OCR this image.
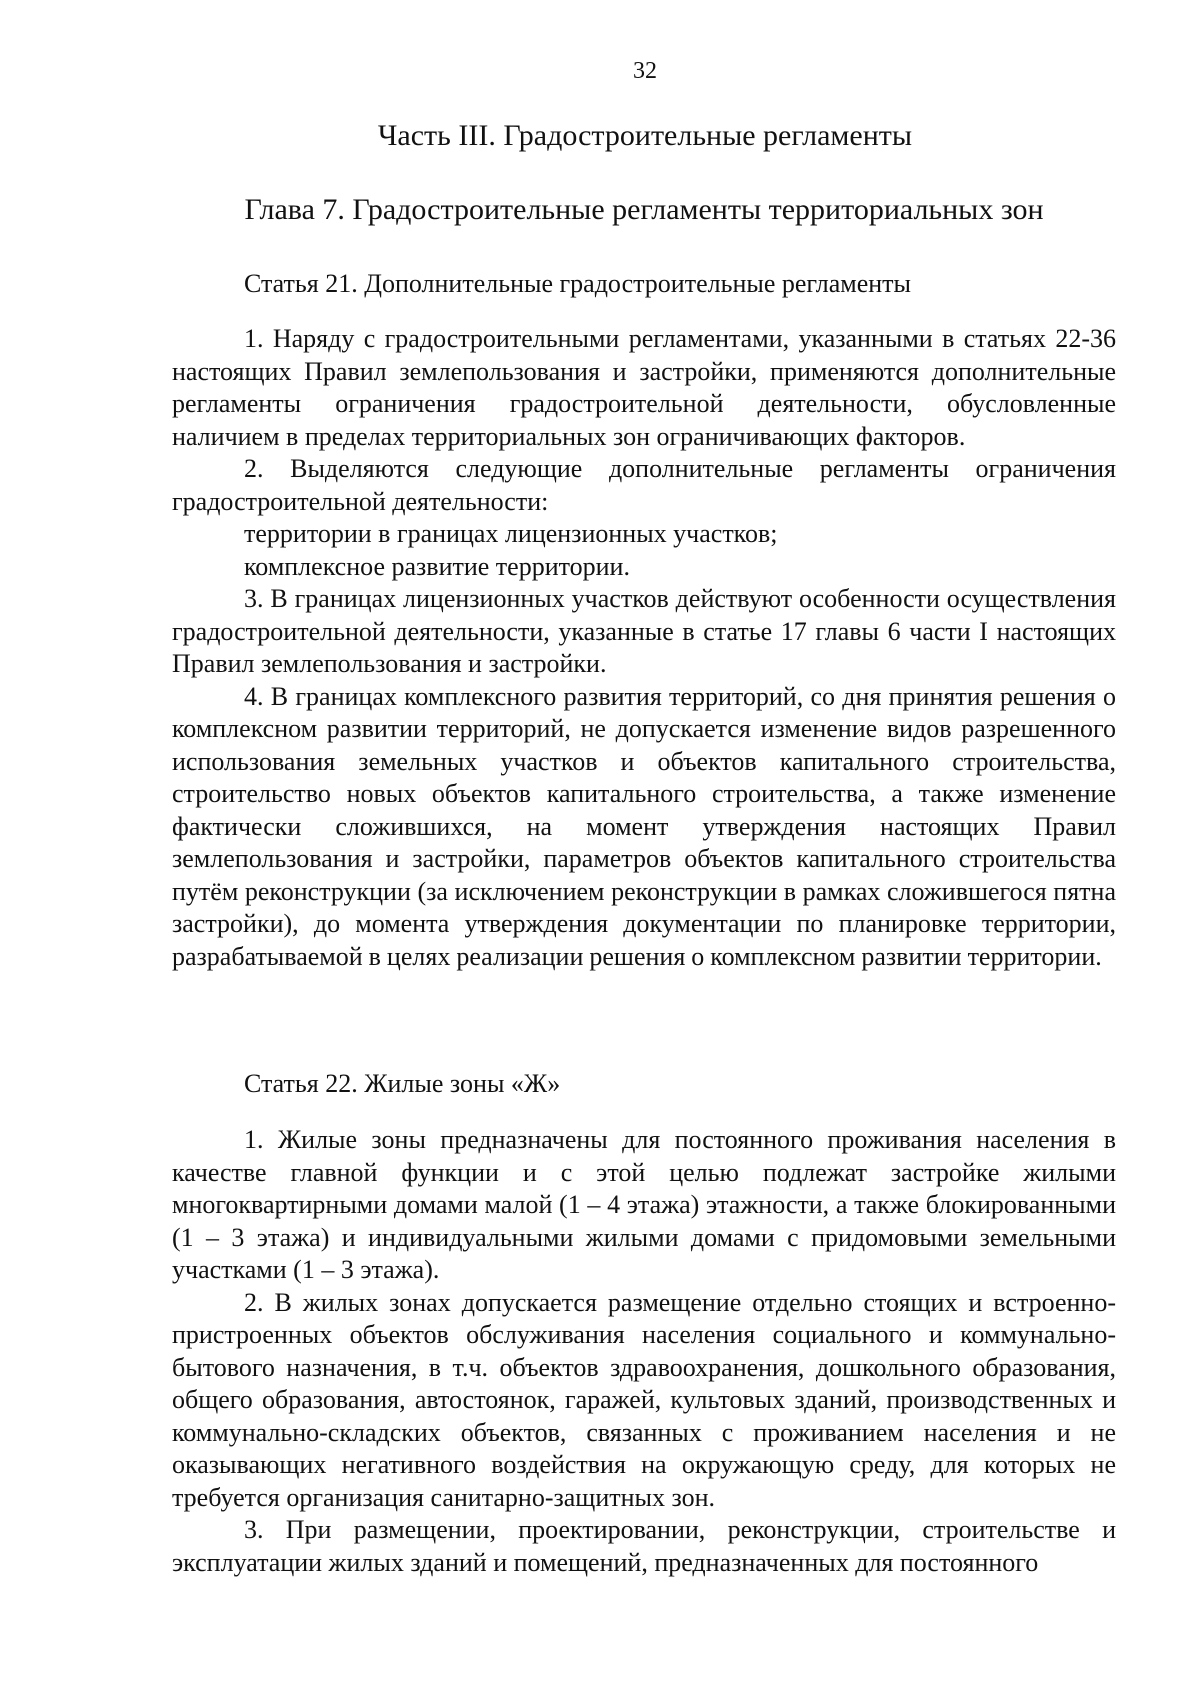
32
Часть III. Градостроительные регламенты
Глава 7. Градостроительные регламенты территориальных зон
Статья 21. Дополнительные градостроительные регламенты

1. Наряду с градостроительными регламентами, указанными в статьях 22-36 настоящих Правил землепользования и застройки, применяются дополнительные регламенты ограничения градостроительной деятельности, обусловленные наличием в пределах территориальных зон ограничивающих факторов.

2. Выделяются следующие дополнительные регламенты ограничения градостроительной деятельности:

территории в границах лицензионных участков;

комплексное развитие территории.

3. В границах лицензионных участков действуют особенности осуществления градостроительной деятельности, указанные в статье 17 главы 6 части I настоящих Правил землепользования и застройки.

4. В границах комплексного развития территорий, со дня принятия решения о комплексном развитии территорий, не допускается изменение видов разрешенного использования земельных участков и объектов капитального строительства, строительство новых объектов капитального строительства, а также изменение фактически сложившихся, на момент утверждения настоящих Правил землепользования и застройки, параметров объектов капитального строительства путём реконструкции (за исключением реконструкции в рамках сложившегося пятна застройки), до момента утверждения документации по планировке территории, разрабатываемой в целях реализации решения о комплексном развитии территории.

Статья 22. Жилые зоны «Ж»

1. Жилые зоны предназначены для постоянного проживания населения в качестве главной функции и с этой целью подлежат застройке жилыми многоквартирными домами малой (1 – 4 этажа) этажности, а также блокированными (1 – 3 этажа) и индивидуальными жилыми домами с придомовыми земельными участками (1 – 3 этажа).

2. В жилых зонах допускается размещение отдельно стоящих и встроенно-пристроенных объектов обслуживания населения социального и коммунально-бытового назначения, в т.ч. объектов здравоохранения, дошкольного образования, общего образования, автостоянок, гаражей, культовых зданий, производственных и коммунально-складских объектов, связанных с проживанием населения и не оказывающих негативного воздействия на окружающую среду, для которых не требуется организация санитарно-защитных зон.

3. При размещении, проектировании, реконструкции, строительстве и эксплуатации жилых зданий и помещений, предназначенных для постоянного
